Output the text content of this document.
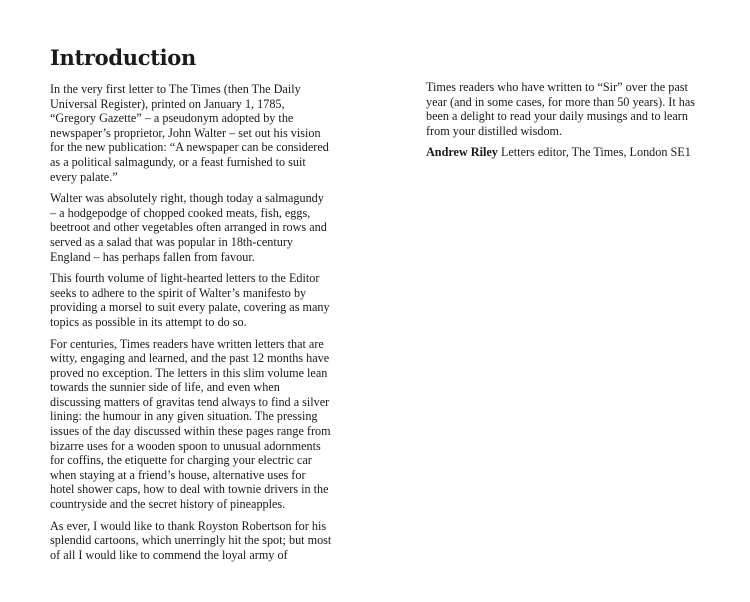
Introduction

In the very first letter to The Times (then The Daily Universal Register), printed on January 1, 1785, “Gregory Gazette” – a pseudonym adopted by the newspaper’s proprietor, John Walter – set out his vision for the new publication: “A newspaper can be considered as a political salmagundy, or a feast furnished to suit every palate.”

Walter was absolutely right, though today a salmagundy – a hodgepodge of chopped cooked meats, fish, eggs, beetroot and other vegetables often arranged in rows and served as a salad that was popular in 18th-century England – has perhaps fallen from favour.

This fourth volume of light-hearted letters to the Editor seeks to adhere to the spirit of Walter’s manifesto by providing a morsel to suit every palate, covering as many topics as possible in its attempt to do so.

For centuries, Times readers have written letters that are witty, engaging and learned, and the past 12 months have proved no exception. The letters in this slim volume lean towards the sunnier side of life, and even when discussing matters of gravitas tend always to find a silver lining: the humour in any given situation. The pressing issues of the day discussed within these pages range from bizarre uses for a wooden spoon to unusual adornments for coffins, the etiquette for charging your electric car when staying at a friend’s house, alternative uses for hotel shower caps, how to deal with townie drivers in the countryside and the secret history of pineapples.

As ever, I would like to thank Royston Robertson for his splendid cartoons, which unerringly hit the spot; but most of all I would like to commend the loyal army of

Times readers who have written to “Sir” over the past year (and in some cases, for more than 50 years). It has been a delight to read your daily musings and to learn from your distilled wisdom.

Andrew Riley Letters editor, The Times, London SE1
